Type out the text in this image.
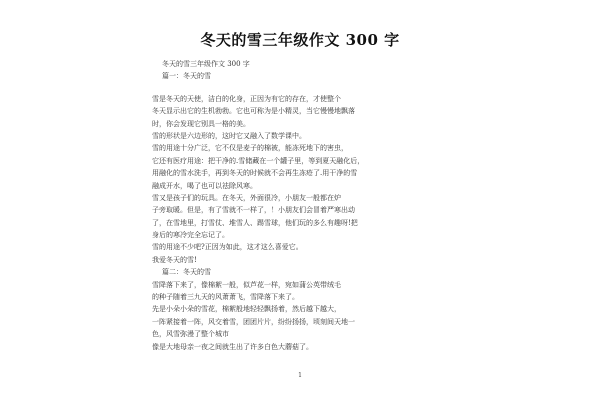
冬天的雪三年级作文 300 字
冬天的雪三年级作文 300 字
篇一：冬天的雪
雪是冬天的天使，洁白的化身，正因为有它的存在，才使整个
冬天显示出它的生机勃勃。它也可称为是小精灵，当它慢慢地飘落
时，你会发现它别具一格的美。
雪的形状是六边形的，这时它又融入了数学课中。
雪的用途十分广泛，它不仅是麦子的棉被，能冻死地下的害虫，
它还有医疗用途：把干净的.雪储藏在一个罐子里，等到夏天融化后，
用融化的雪水洗手，再到冬天的时候就不会再生冻疮了.用干净的雪
融成开水，喝了也可以祛除风寒。
雪又是孩子们的玩具。在冬天，外面很冷，小朋友一般都在炉
子旁取暖。但是，有了雪就不一样了，！小朋友们会冒着严寒出动
了，在雪地里，打雪仗、堆雪人、踢雪球，他们玩的多么有趣呀!把
身后的寒冷完全忘记了。
雪的用途不少吧?正因为如此，这才这么喜爱它。
我爱冬天的雪!
篇二：冬天的雪
雪降落下来了，像棉絮一般，似芦花一样，宛如蒲公英带绒毛
的种子随着三九天的风萧萧飞，雪降落下来了。
先是小朵小朵的雪花，棉絮般地轻轻飘扬着，然后越下越大，
一阵紧接着一阵，风交着雪，团团片片，纷纷扬扬，顷刻间天地一
色，风雪弥漫了整个城市
像是大地母亲一夜之间就生出了许多白色大蘑菇了。
1
